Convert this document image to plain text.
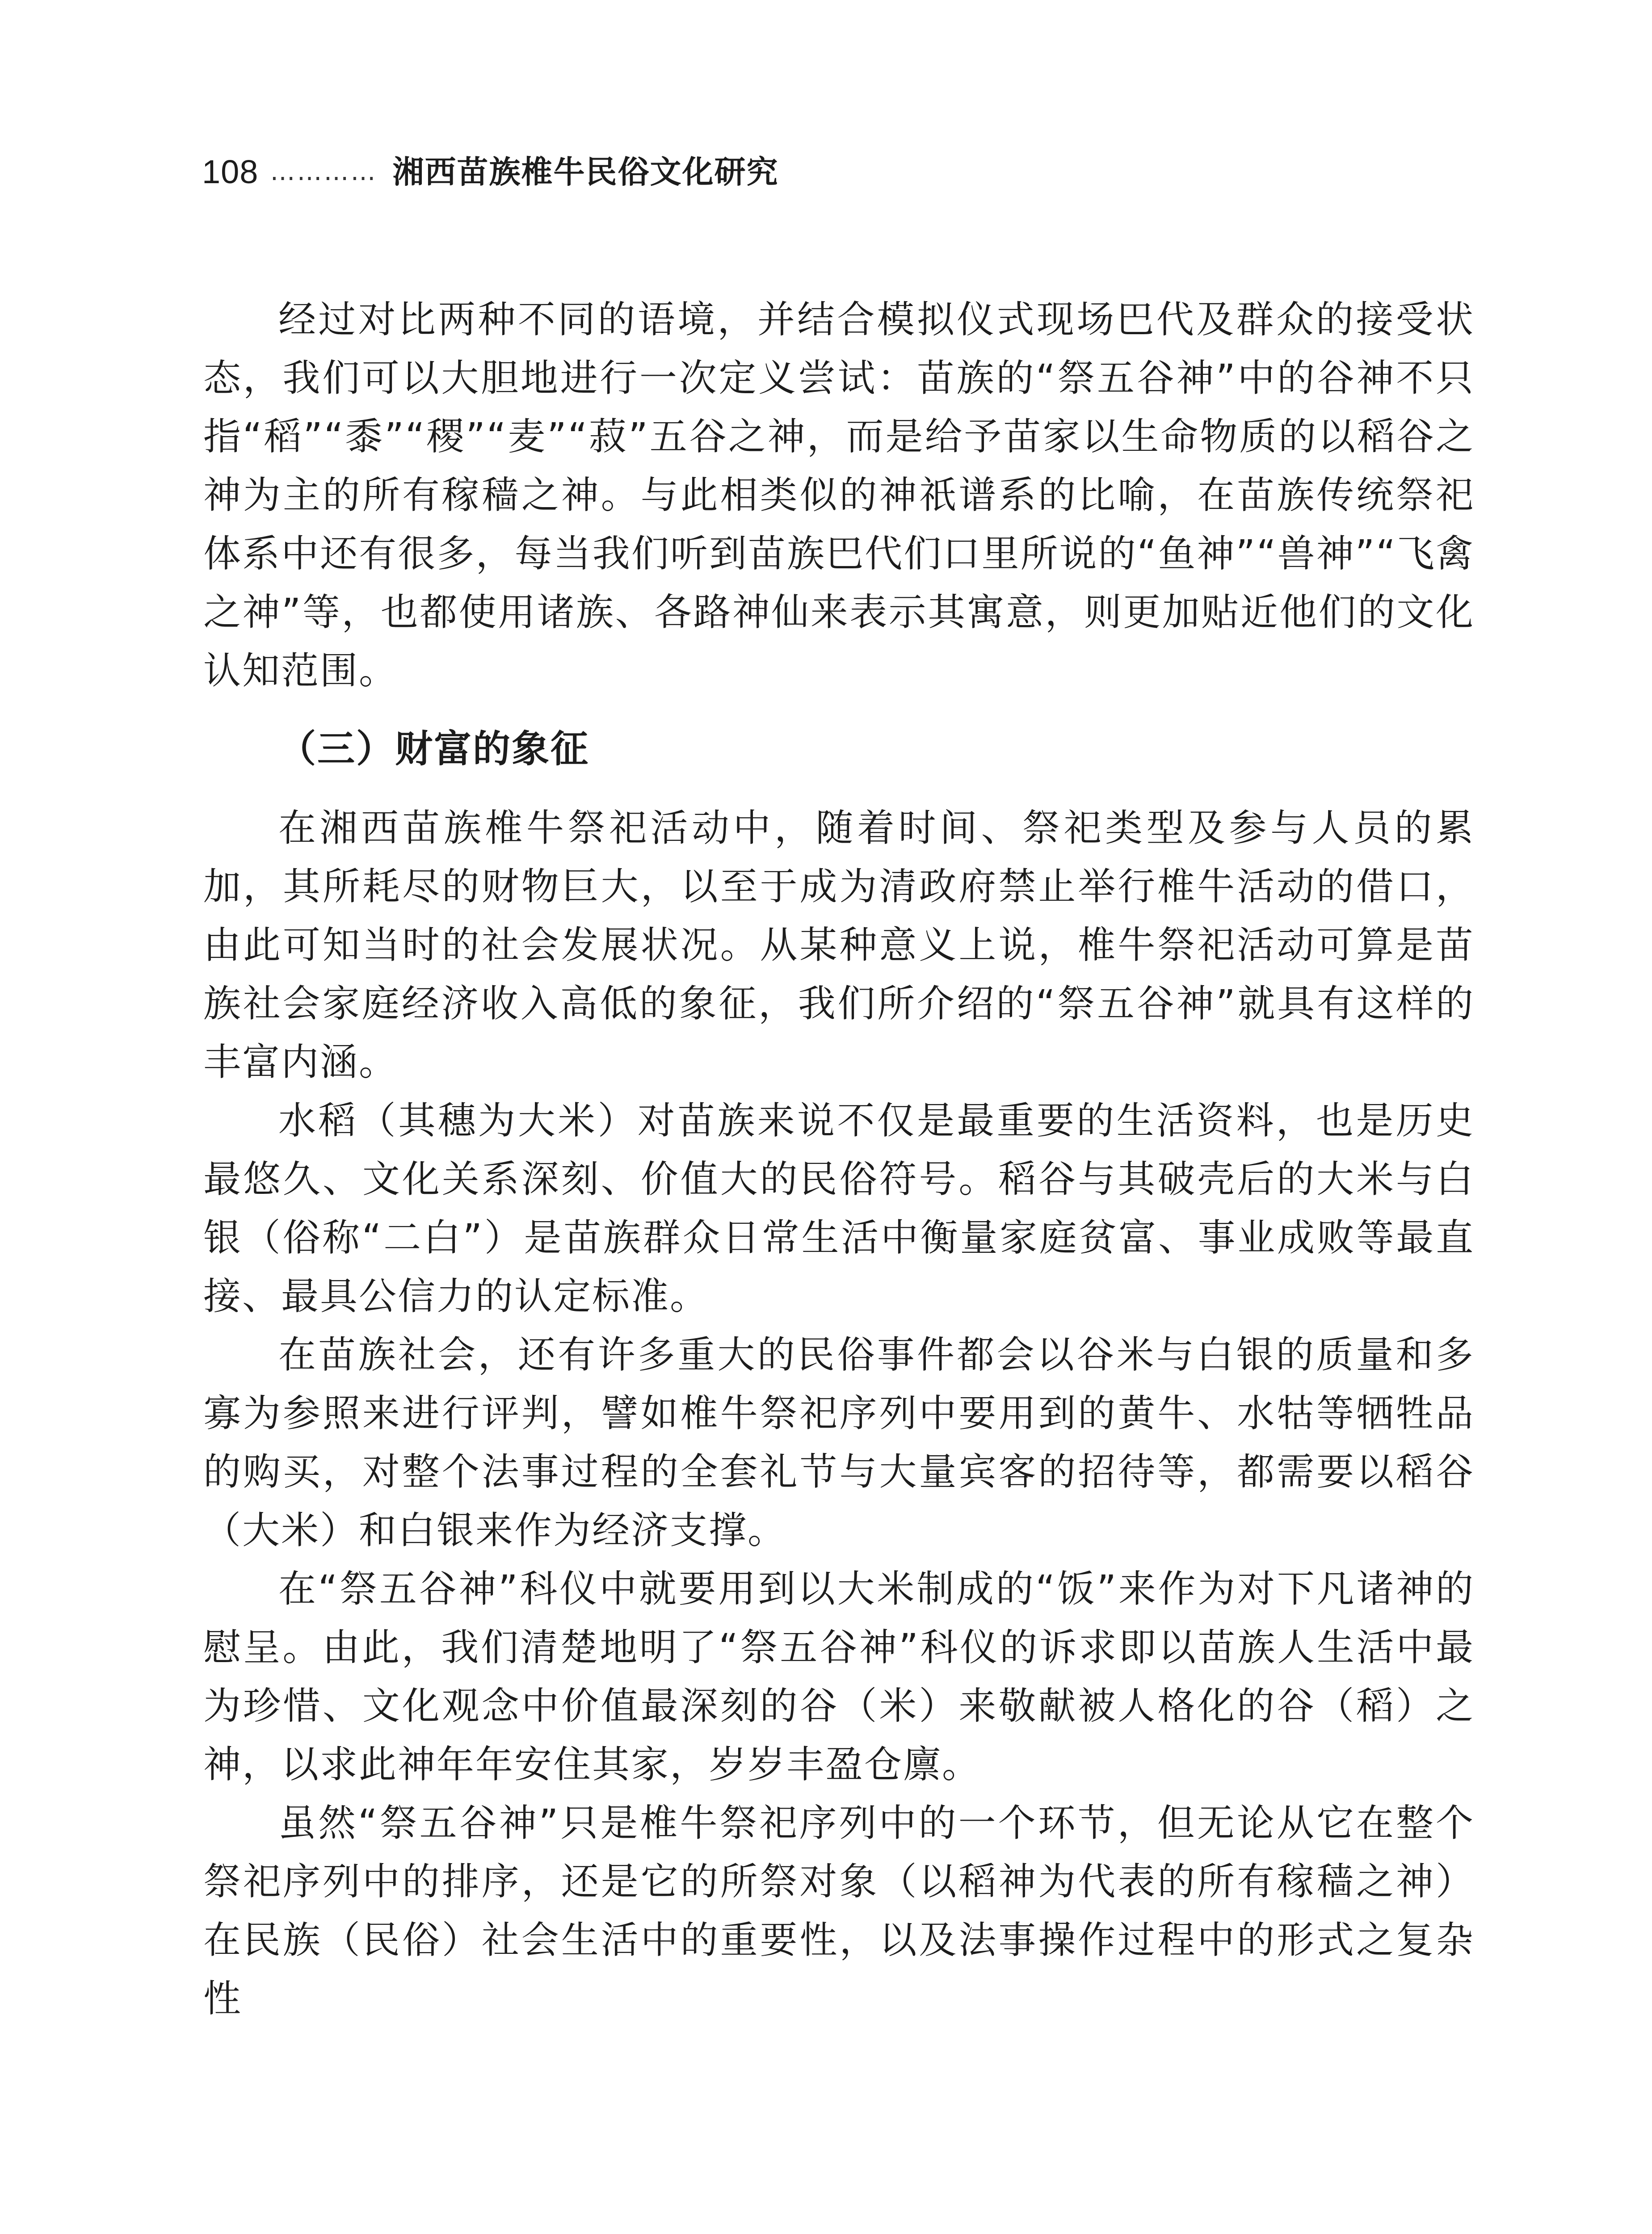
108 ………… 湘西苗族椎牛民俗文化研究

经过对比两种不同的语境，并结合模拟仪式现场巴代及群众的接受状态，我们可以大胆地进行一次定义尝试：苗族的“祭五谷神”中的谷神不只指“稻”“黍”“稷”“麦”“菽”五谷之神，而是给予苗家以生命物质的以稻谷之神为主的所有稼穑之神。与此相类似的神祇谱系的比喻，在苗族传统祭祀体系中还有很多，每当我们听到苗族巴代们口里所说的“鱼神”“兽神”“飞禽之神”等，也都使用诸族、各路神仙来表示其寓意，则更加贴近他们的文化认知范围。

（三）财富的象征

在湘西苗族椎牛祭祀活动中，随着时间、祭祀类型及参与人员的累加，其所耗尽的财物巨大，以至于成为清政府禁止举行椎牛活动的借口，由此可知当时的社会发展状况。从某种意义上说，椎牛祭祀活动可算是苗族社会家庭经济收入高低的象征，我们所介绍的“祭五谷神”就具有这样的丰富内涵。

水稻（其穗为大米）对苗族来说不仅是最重要的生活资料，也是历史最悠久、文化关系深刻、价值大的民俗符号。稻谷与其破壳后的大米与白银（俗称“二白”）是苗族群众日常生活中衡量家庭贫富、事业成败等最直接、最具公信力的认定标准。

在苗族社会，还有许多重大的民俗事件都会以谷米与白银的质量和多寡为参照来进行评判，譬如椎牛祭祀序列中要用到的黄牛、水牯等牺牲品的购买，对整个法事过程的全套礼节与大量宾客的招待等，都需要以稻谷（大米）和白银来作为经济支撑。

在“祭五谷神”科仪中就要用到以大米制成的“饭”来作为对下凡诸神的慰呈。由此，我们清楚地明了“祭五谷神”科仪的诉求即以苗族人生活中最为珍惜、文化观念中价值最深刻的谷（米）来敬献被人格化的谷（稻）之神，以求此神年年安住其家，岁岁丰盈仓廪。

虽然“祭五谷神”只是椎牛祭祀序列中的一个环节，但无论从它在整个祭祀序列中的排序，还是它的所祭对象（以稻神为代表的所有稼穑之神）在民族（民俗）社会生活中的重要性，以及法事操作过程中的形式之复杂性
